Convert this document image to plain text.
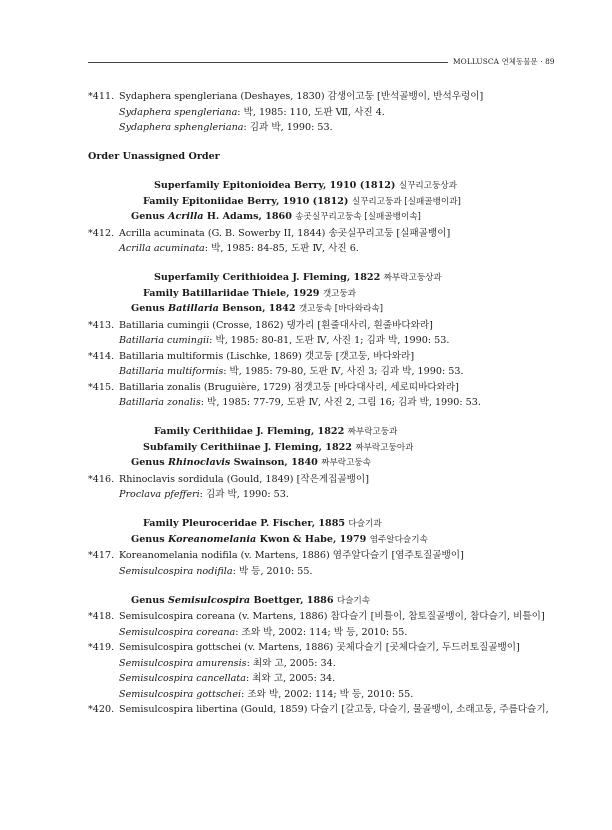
MOLLUSCA 연체동물문 · 89
*411. Sydaphera spengleriana (Deshayes, 1830) 감생이고둥 [반석골뱅이, 반석우렁이]
Sydaphera spengleriana: 박, 1985: 110, 도판 Ⅶ, 사진 4.
Sydaphera sphengleriana: 김과 박, 1990: 53.
Order Unassigned Order
Superfamily Epitonioidea Berry, 1910 (1812) 실꾸리고둥상과
Family Epitoniidae Berry, 1910 (1812) 실꾸리고둥과 [실패골뱅이과]
Genus Acrilla H. Adams, 1860 송곳실꾸리고둥속 [실패골뱅이속]
*412. Acrilla acuminata (G. B. Sowerby II, 1844) 송곳실꾸리고둥 [실패골뱅이]
Acrilla acuminata: 박, 1985: 84-85, 도판 Ⅳ, 사진 6.
Superfamily Cerithioidea J. Fleming, 1822 짜부락고둥상과
Family Batillariidae Thiele, 1929 갯고둥과
Genus Batillaria Benson, 1842 갯고둥속 [바다와라속]
*413. Batillaria cumingii (Crosse, 1862) 댕가리 [흰줄대사리, 흰줄바다와라]
Batillaria cumingii: 박, 1985: 80-81, 도판 Ⅳ, 사진 1; 김과 박, 1990: 53.
*414. Batillaria multiformis (Lischke, 1869) 갯고둥 [갯고둥, 바다와라]
Batillaria multiformis: 박, 1985: 79-80, 도판 Ⅳ, 사진 3; 김과 박, 1990: 53.
*415. Batillaria zonalis (Bruguière, 1729) 점갯고둥 [바다대사리, 세로띠바다와라]
Batillaria zonalis: 박, 1985: 77-79, 도판 Ⅳ, 사진 2, 그림 16; 김과 박, 1990: 53.
Family Cerithiidae J. Fleming, 1822 짜부락고둥과
Subfamily Cerithiinae J. Fleming, 1822 짜부락고둥아과
Genus Rhinoclavis Swainson, 1840 짜부락고둥속
*416. Rhinoclavis sordidula (Gould, 1849) [작은게집골뱅이]
Proclava pfefferi: 김과 박, 1990: 53.
Family Pleuroceridae P. Fischer, 1885 다슬기과
Genus Koreanomelania Kwon & Habe, 1979 염주알다슬기속
*417. Koreanomelania nodifila (v. Martens, 1886) 염주알다슬기 [염주토질골뱅이]
Semisulcospira nodifila: 박 등, 2010: 55.
Genus Semisulcospira Boettger, 1886 다슬기속
*418. Semisulcospira coreana (v. Martens, 1886) 참다슬기 [비틀이, 참토질골뱅이, 참다슬기, 비틀이]
Semisulcospira coreana: 조와 박, 2002: 114; 박 등, 2010: 55.
*419. Semisulcospira gottschei (v. Martens, 1886) 곳체다슬기 [곳체다슬기, 두드러토질골뱅이]
Semisulcospira amurensis: 최와 고, 2005: 34.
Semisulcospira cancellata: 최와 고, 2005: 34.
Semisulcospira gottschei: 조와 박, 2002: 114; 박 등, 2010: 55.
*420. Semisulcospira libertina (Gould, 1859) 다슬기 [갈고둥, 다슬기, 물골뱅이, 소래고둥, 주름다슬기,
